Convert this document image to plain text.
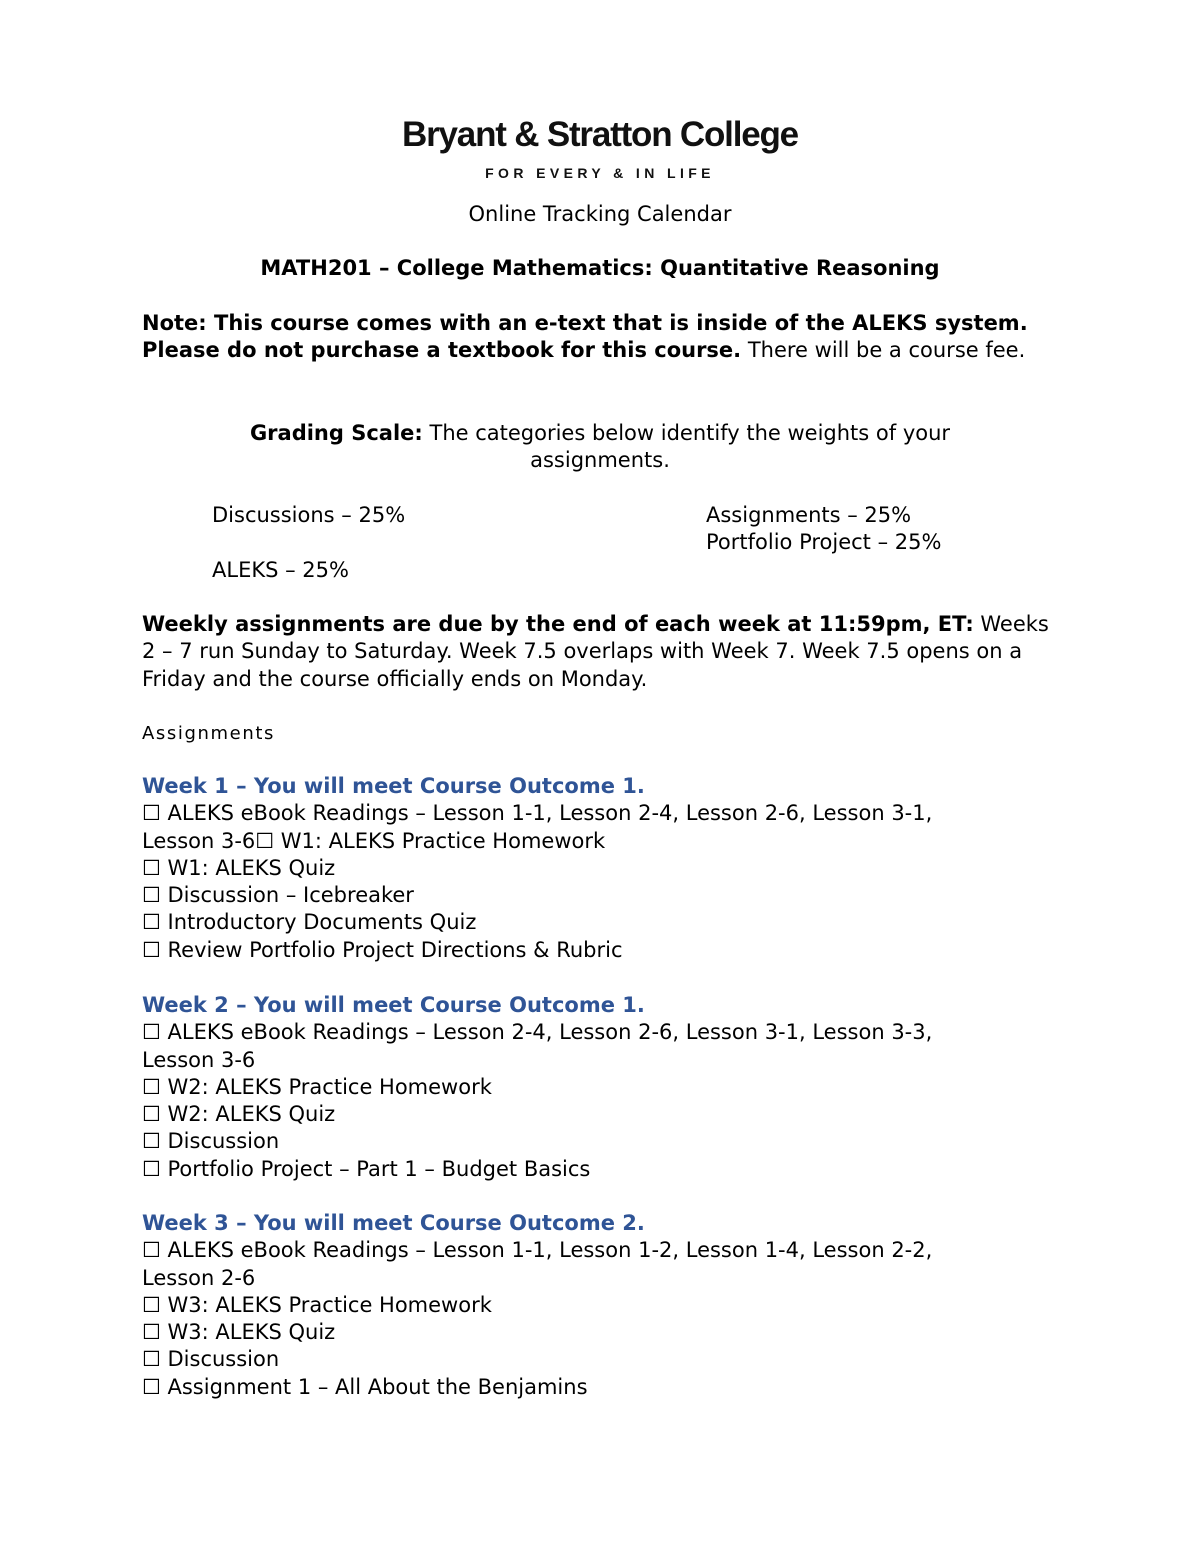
Bryant & Stratton College
FOR EVERY & IN LIFE
Online Tracking Calendar
MATH201 – College Mathematics: Quantitative Reasoning
Note: This course comes with an e-text that is inside of the ALEKS system. Please do not purchase a textbook for this course. There will be a course fee.
Grading Scale: The categories below identify the weights of your assignments.
Discussions – 25%

ALEKS – 25%
Assignments – 25%
Portfolio Project – 25%
Weekly assignments are due by the end of each week at 11:59pm, ET: Weeks 2 – 7 run Sunday to Saturday. Week 7.5 overlaps with Week 7. Week 7.5 opens on a Friday and the course officially ends on Monday.
Assignments
Week 1 – You will meet Course Outcome 1.
☐ ALEKS eBook Readings – Lesson 1-1, Lesson 2-4, Lesson 2-6, Lesson 3-1,
Lesson 3-6☐ W1: ALEKS Practice Homework
☐ W1: ALEKS Quiz
☐ Discussion – Icebreaker
☐ Introductory Documents Quiz
☐ Review Portfolio Project Directions & Rubric
Week 2 – You will meet Course Outcome 1.
☐ ALEKS eBook Readings – Lesson 2-4, Lesson 2-6, Lesson 3-1, Lesson 3-3,
Lesson 3-6
☐ W2: ALEKS Practice Homework
☐ W2: ALEKS Quiz
☐ Discussion
☐ Portfolio Project – Part 1 – Budget Basics
Week 3 – You will meet Course Outcome 2.
☐ ALEKS eBook Readings – Lesson 1-1, Lesson 1-2, Lesson 1-4, Lesson 2-2,
Lesson 2-6
☐ W3: ALEKS Practice Homework
☐ W3: ALEKS Quiz
☐ Discussion
☐ Assignment 1 – All About the Benjamins
